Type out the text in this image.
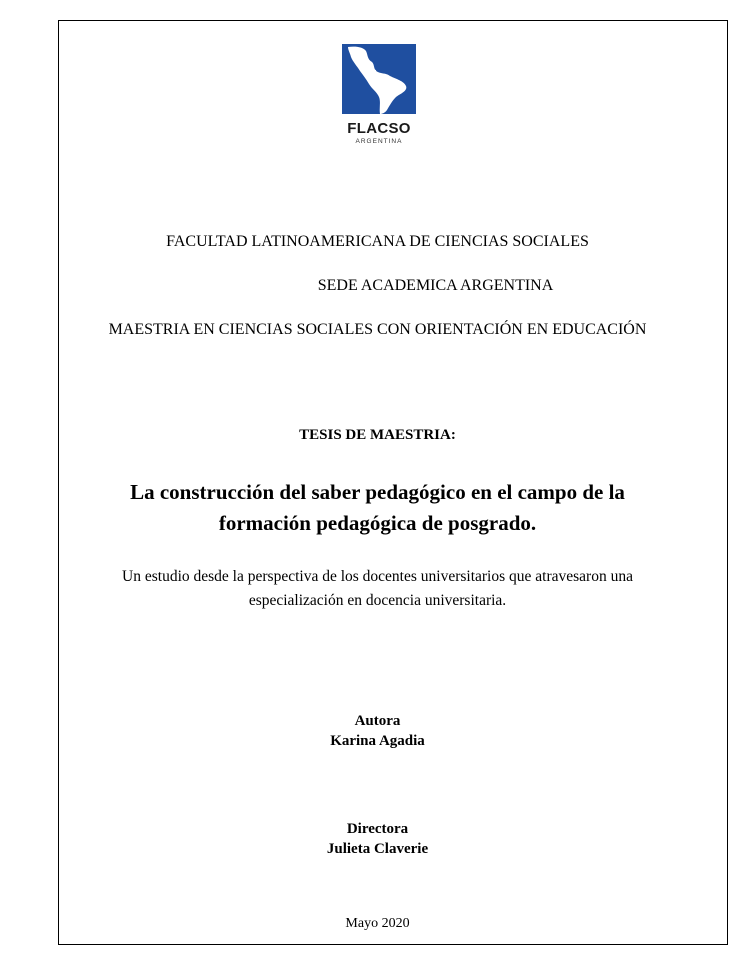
FLACSO
ARGENTINA
FACULTAD LATINOAMERICANA DE CIENCIAS SOCIALES
SEDE ACADEMICA ARGENTINA
MAESTRIA EN CIENCIAS SOCIALES CON ORIENTACIÓN EN EDUCACIÓN
TESIS DE MAESTRIA:
La construcción del saber pedagógico en el campo de la
formación pedagógica de posgrado.
Un estudio desde la perspectiva de los docentes universitarios que atravesaron una
especialización en docencia universitaria.
Autora
Karina Agadia
Directora
Julieta Claverie
Mayo 2020
